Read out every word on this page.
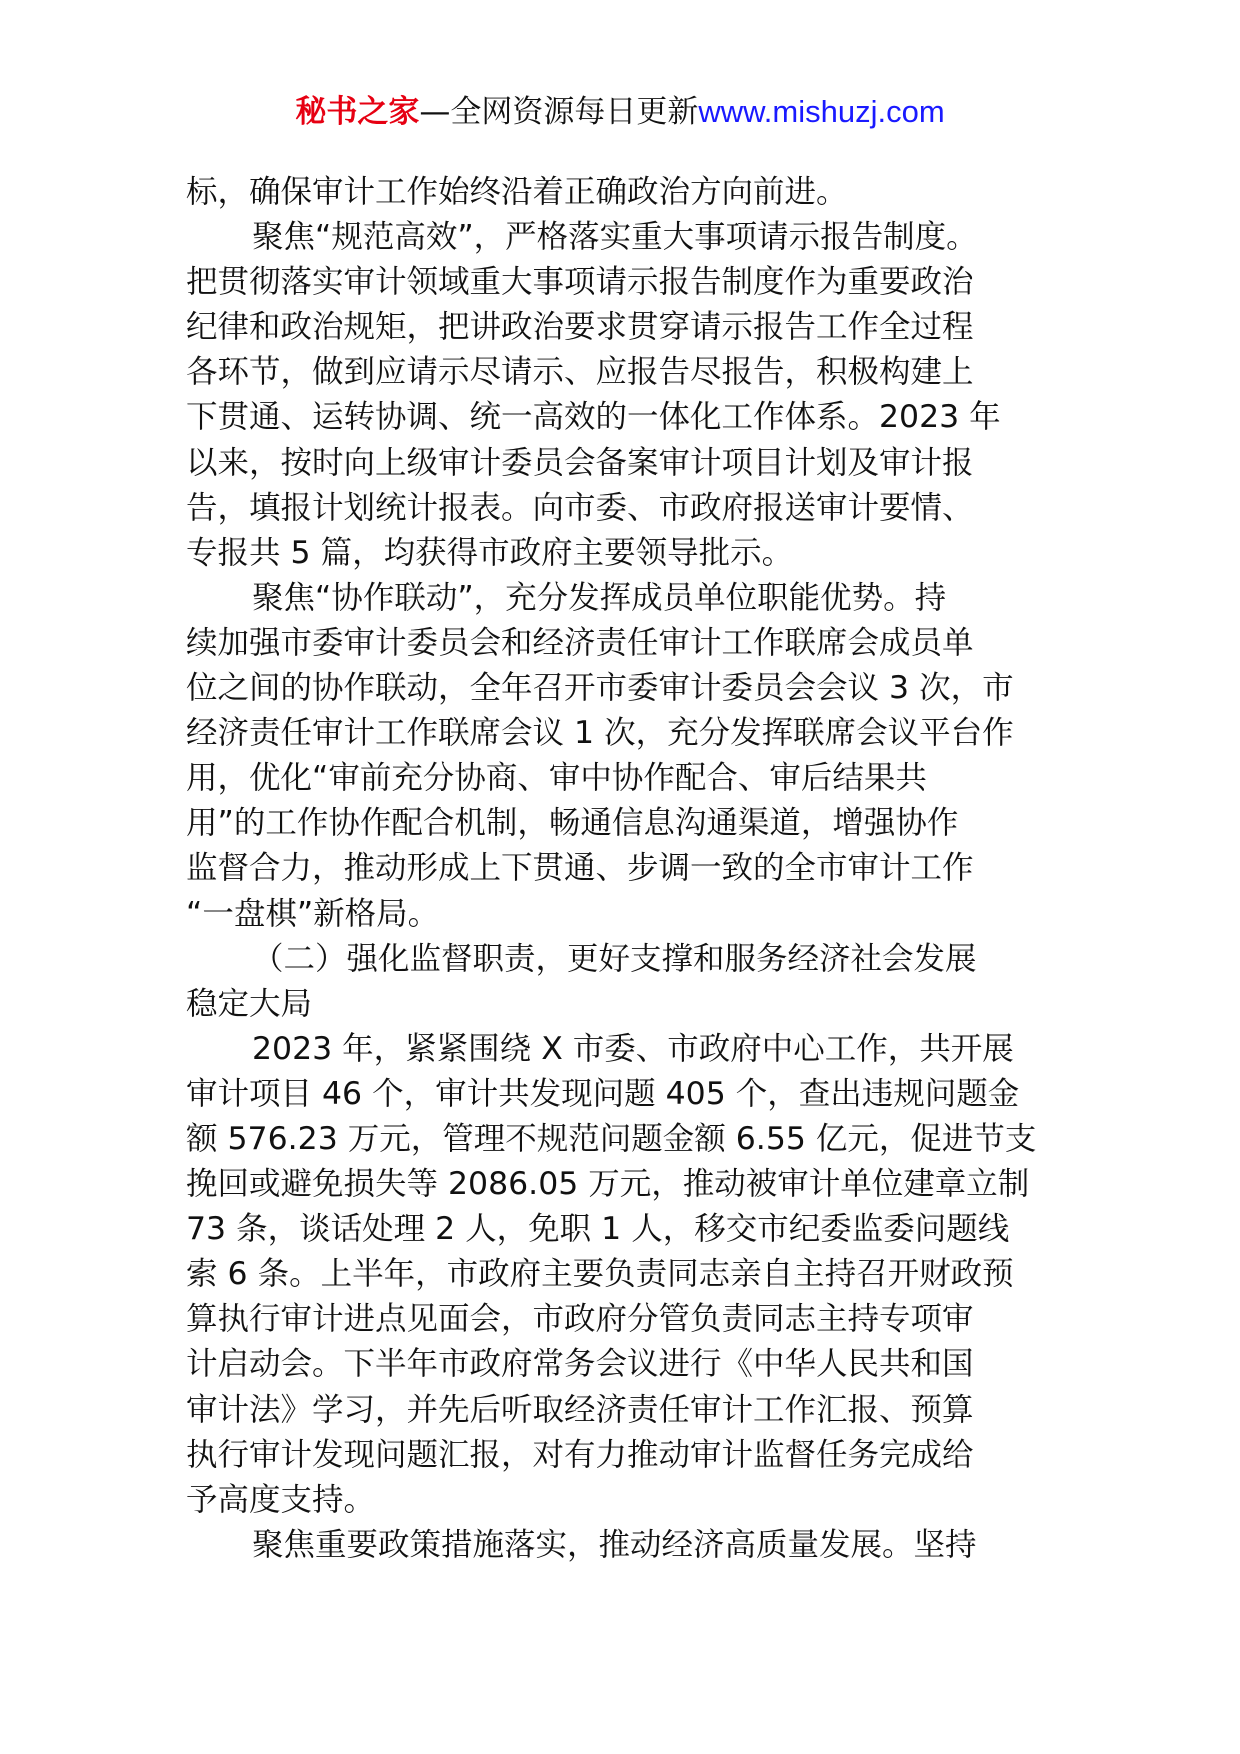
秘书之家—全网资源每日更新www.mishuzj.com
标，确保审计工作始终沿着正确政治方向前进。
聚焦“规范高效”，严格落实重大事项请示报告制度。
把贯彻落实审计领域重大事项请示报告制度作为重要政治
纪律和政治规矩，把讲政治要求贯穿请示报告工作全过程
各环节，做到应请示尽请示、应报告尽报告，积极构建上
下贯通、运转协调、统一高效的一体化工作体系。2023 年
以来，按时向上级审计委员会备案审计项目计划及审计报
告，填报计划统计报表。向市委、市政府报送审计要情、
专报共 5 篇，均获得市政府主要领导批示。
聚焦“协作联动”，充分发挥成员单位职能优势。持
续加强市委审计委员会和经济责任审计工作联席会成员单
位之间的协作联动，全年召开市委审计委员会会议 3 次，市
经济责任审计工作联席会议 1 次，充分发挥联席会议平台作
用，优化“审前充分协商、审中协作配合、审后结果共
用”的工作协作配合机制，畅通信息沟通渠道，增强协作
监督合力，推动形成上下贯通、步调一致的全市审计工作
“一盘棋”新格局。
（二）强化监督职责，更好支撑和服务经济社会发展
稳定大局
2023 年，紧紧围绕 X 市委、市政府中心工作，共开展
审计项目 46 个，审计共发现问题 405 个，查出违规问题金
额 576.23 万元，管理不规范问题金额 6.55 亿元，促进节支
挽回或避免损失等 2086.05 万元，推动被审计单位建章立制
73 条，谈话处理 2 人，免职 1 人，移交市纪委监委问题线
索 6 条。上半年，市政府主要负责同志亲自主持召开财政预
算执行审计进点见面会，市政府分管负责同志主持专项审
计启动会。下半年市政府常务会议进行《中华人民共和国
审计法》学习，并先后听取经济责任审计工作汇报、预算
执行审计发现问题汇报，对有力推动审计监督任务完成给
予高度支持。
聚焦重要政策措施落实，推动经济高质量发展。坚持
